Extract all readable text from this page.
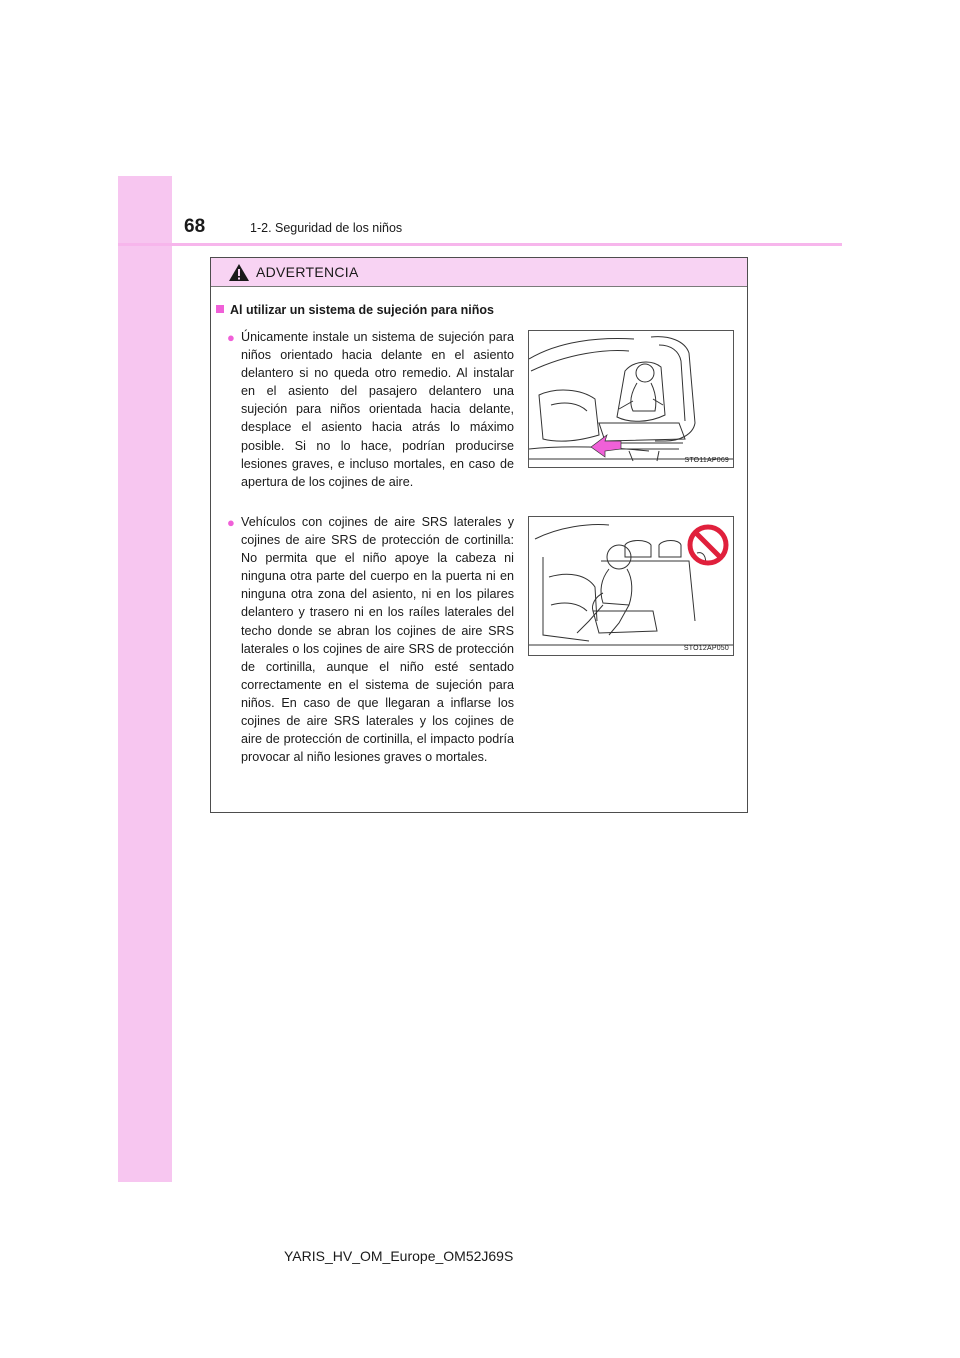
68	1-2. Seguridad de los niños
ADVERTENCIA
Al utilizar un sistema de sujeción para niños
● Únicamente instale un sistema de sujeción para niños orientado hacia delante en el asiento delantero si no queda otro remedio. Al instalar en el asiento del pasajero delantero una sujeción para niños orientada hacia delante, desplace el asiento hacia atrás lo máximo posible. Si no lo hace, podrían producirse lesiones graves, e incluso mortales, en caso de apertura de los cojines de aire.
STO11AP069
● Vehículos con cojines de aire SRS laterales y cojines de aire SRS de protección de cortinilla: No permita que el niño apoye la cabeza ni ninguna otra parte del cuerpo en la puerta ni en ninguna otra zona del asiento, ni en los pilares delantero y trasero ni en los raíles laterales del techo donde se abran los cojines de aire SRS laterales o los cojines de aire SRS de protección de cortinilla, aunque el niño esté sentado correctamente en el sistema de sujeción para niños. En caso de que llegaran a inflarse los cojines de aire SRS laterales y los cojines de aire de protección de cortinilla, el impacto podría provocar al niño lesiones graves o mortales.
STO12AP050
YARIS_HV_OM_Europe_OM52J69S
